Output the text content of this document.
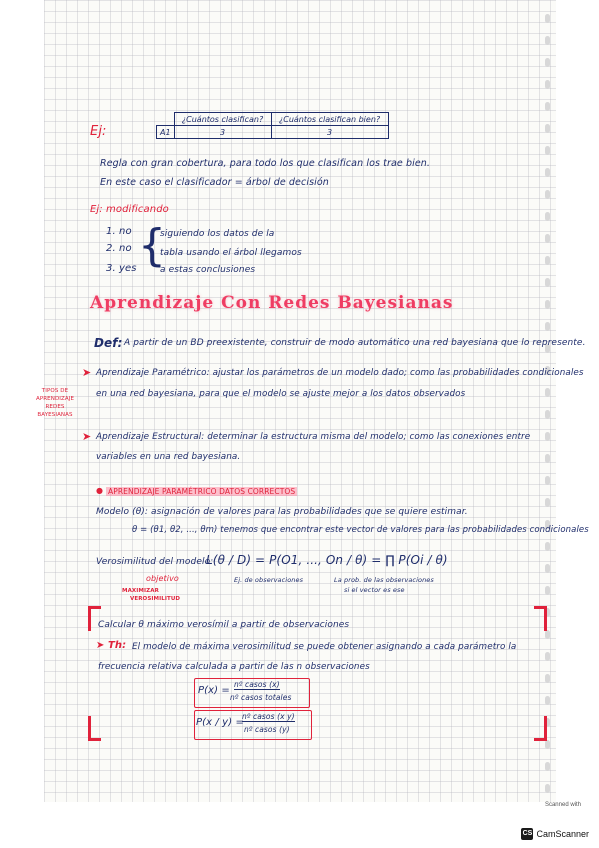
Ej:
	¿Cuántos clasifican?	¿Cuántos clasifican bien?
A1	3	3
Regla con gran cobertura, para todo los que clasifican los trae bien.
En este caso el clasificador = árbol de decisión
Ej: modificando
1. no
2. no
3. yes {
siguiendo los datos de la
tabla usando el árbol llegamos
a estas conclusiones
Aprendizaje Con Redes Bayesianas
Def: A partir de un BD preexistente, construir de modo automático una red bayesiana que lo represente.
TIPOS DE
APRENDIZAJE
REDES
BAYESIANAS
➤ Aprendizaje Paramétrico: ajustar los parámetros de un modelo dado; como las probabilidades condicionales
en una red bayesiana, para que el modelo se ajuste mejor a los datos observados
➤ Aprendizaje Estructural: determinar la estructura misma del modelo; como las conexiones entre
variables en una red bayesiana.
● APRENDIZAJE PARAMÉTRICO DATOS CORRECTOS
Modelo (θ): asignación de valores para las probabilidades que se quiere estimar.
θ = (θ1, θ2, ..., θm) tenemos que encontrar este vector de valores para las probabilidades condicionales
Verosimilitud del modelo:
L(θ / D) = P(O1, ..., On / θ) = ∏ P(Oi / θ)
objetivo
MAXIMIZAR
VEROSIMILITUD
Ej. de observaciones	La prob. de las observaciones
si el vector es ese
Calcular θ máximo verosímil a partir de observaciones
➤ Th: El modelo de máxima verosimilitud se puede obtener asignando a cada parámetro la
frecuencia relativa calculada a partir de las n observaciones
P(x) =
nº casos (x)
nº casos totales
P(x / y) =
nº casos (x y)
nº casos (y)
Scanned with
CS CamScanner
